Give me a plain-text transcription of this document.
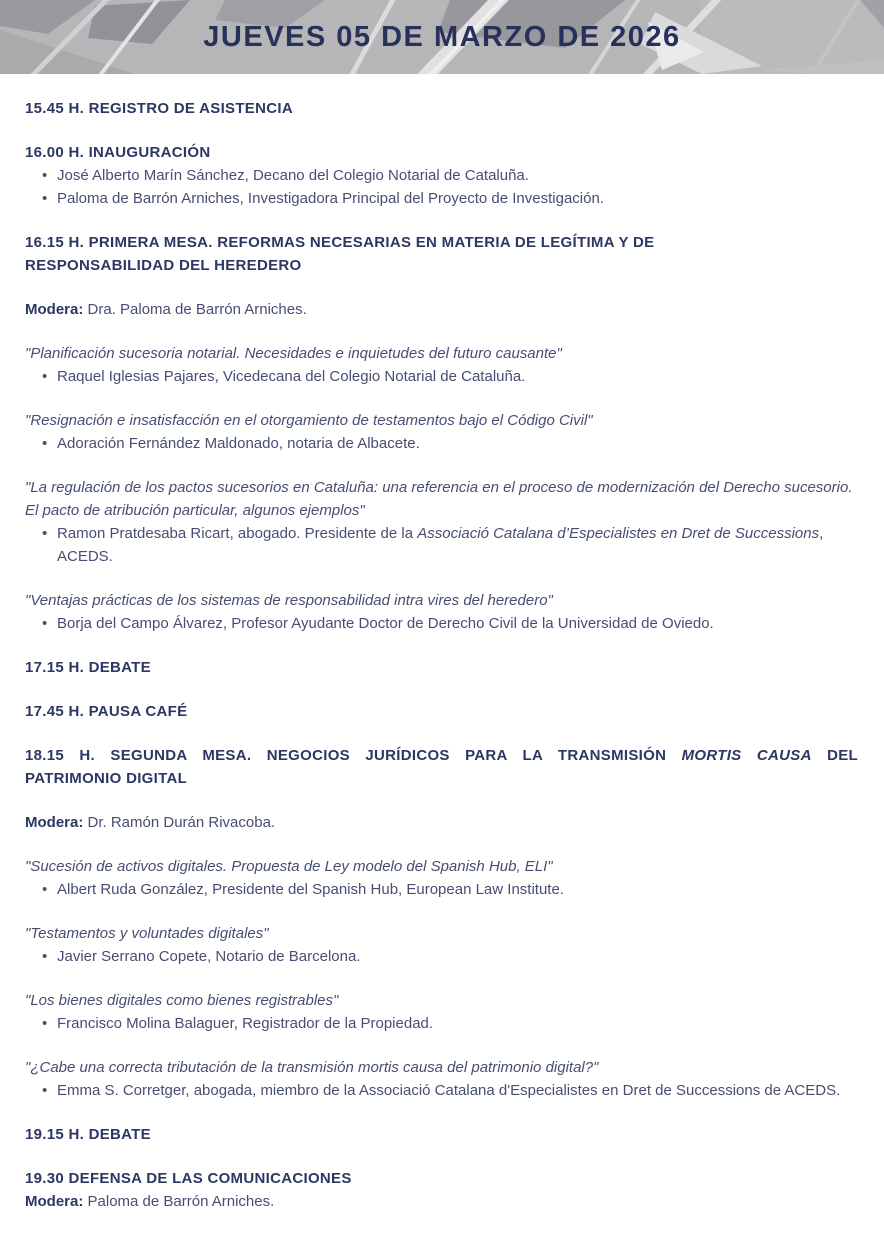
JUEVES 05 DE MARZO DE 2026

15.45 H. REGISTRO DE ASISTENCIA

16.00 H. INAUGURACIÓN

• José Alberto Marín Sánchez, Decano del Colegio Notarial de Cataluña.

• Paloma de Barrón Arniches, Investigadora Principal del Proyecto de Investigación.

16.15 H. PRIMERA MESA. REFORMAS NECESARIAS EN MATERIA DE LEGÍTIMA Y DE
RESPONSABILIDAD DEL HEREDERO

Modera: Dra. Paloma de Barrón Arniches.

"Planificación sucesoria notarial. Necesidades e inquietudes del futuro causante"

• Raquel Iglesias Pajares, Vicedecana del Colegio Notarial de Cataluña.

"Resignación e insatisfacción en el otorgamiento de testamentos bajo el Código Civil"

• Adoración Fernández Maldonado, notaria de Albacete.

"La regulación de los pactos sucesorios en Cataluña: una referencia en el proceso de modernización del Derecho sucesorio. El pacto de atribución particular, algunos ejemplos"

• Ramon Pratdesaba Ricart, abogado. Presidente de la Associació Catalana d’Especialistes en Dret de Successions, ACEDS.

"Ventajas prácticas de los sistemas de responsabilidad intra vires del heredero"

• Borja del Campo Álvarez, Profesor Ayudante Doctor de Derecho Civil de la Universidad de Oviedo.

17.15 H. DEBATE

17.45 H. PAUSA CAFÉ

18.15 H. SEGUNDA MESA. NEGOCIOS JURÍDICOS PARA LA TRANSMISIÓN MORTIS CAUSA DEL
PATRIMONIO DIGITAL

Modera: Dr. Ramón Durán Rivacoba.

"Sucesión de activos digitales. Propuesta de Ley modelo del Spanish Hub, ELI"

• Albert Ruda González, Presidente del Spanish Hub, European Law Institute.

"Testamentos y voluntades digitales"

• Javier Serrano Copete, Notario de Barcelona.

"Los bienes digitales como bienes registrables"

• Francisco Molina Balaguer, Registrador de la Propiedad.

"¿Cabe una correcta tributación de la transmisión mortis causa del patrimonio digital?"

• Emma S. Corretger, abogada, miembro de la Associació Catalana d'Especialistes en Dret de Successions de ACEDS.

19.15 H. DEBATE

19.30 DEFENSA DE LAS COMUNICACIONES

Modera: Paloma de Barrón Arniches.
